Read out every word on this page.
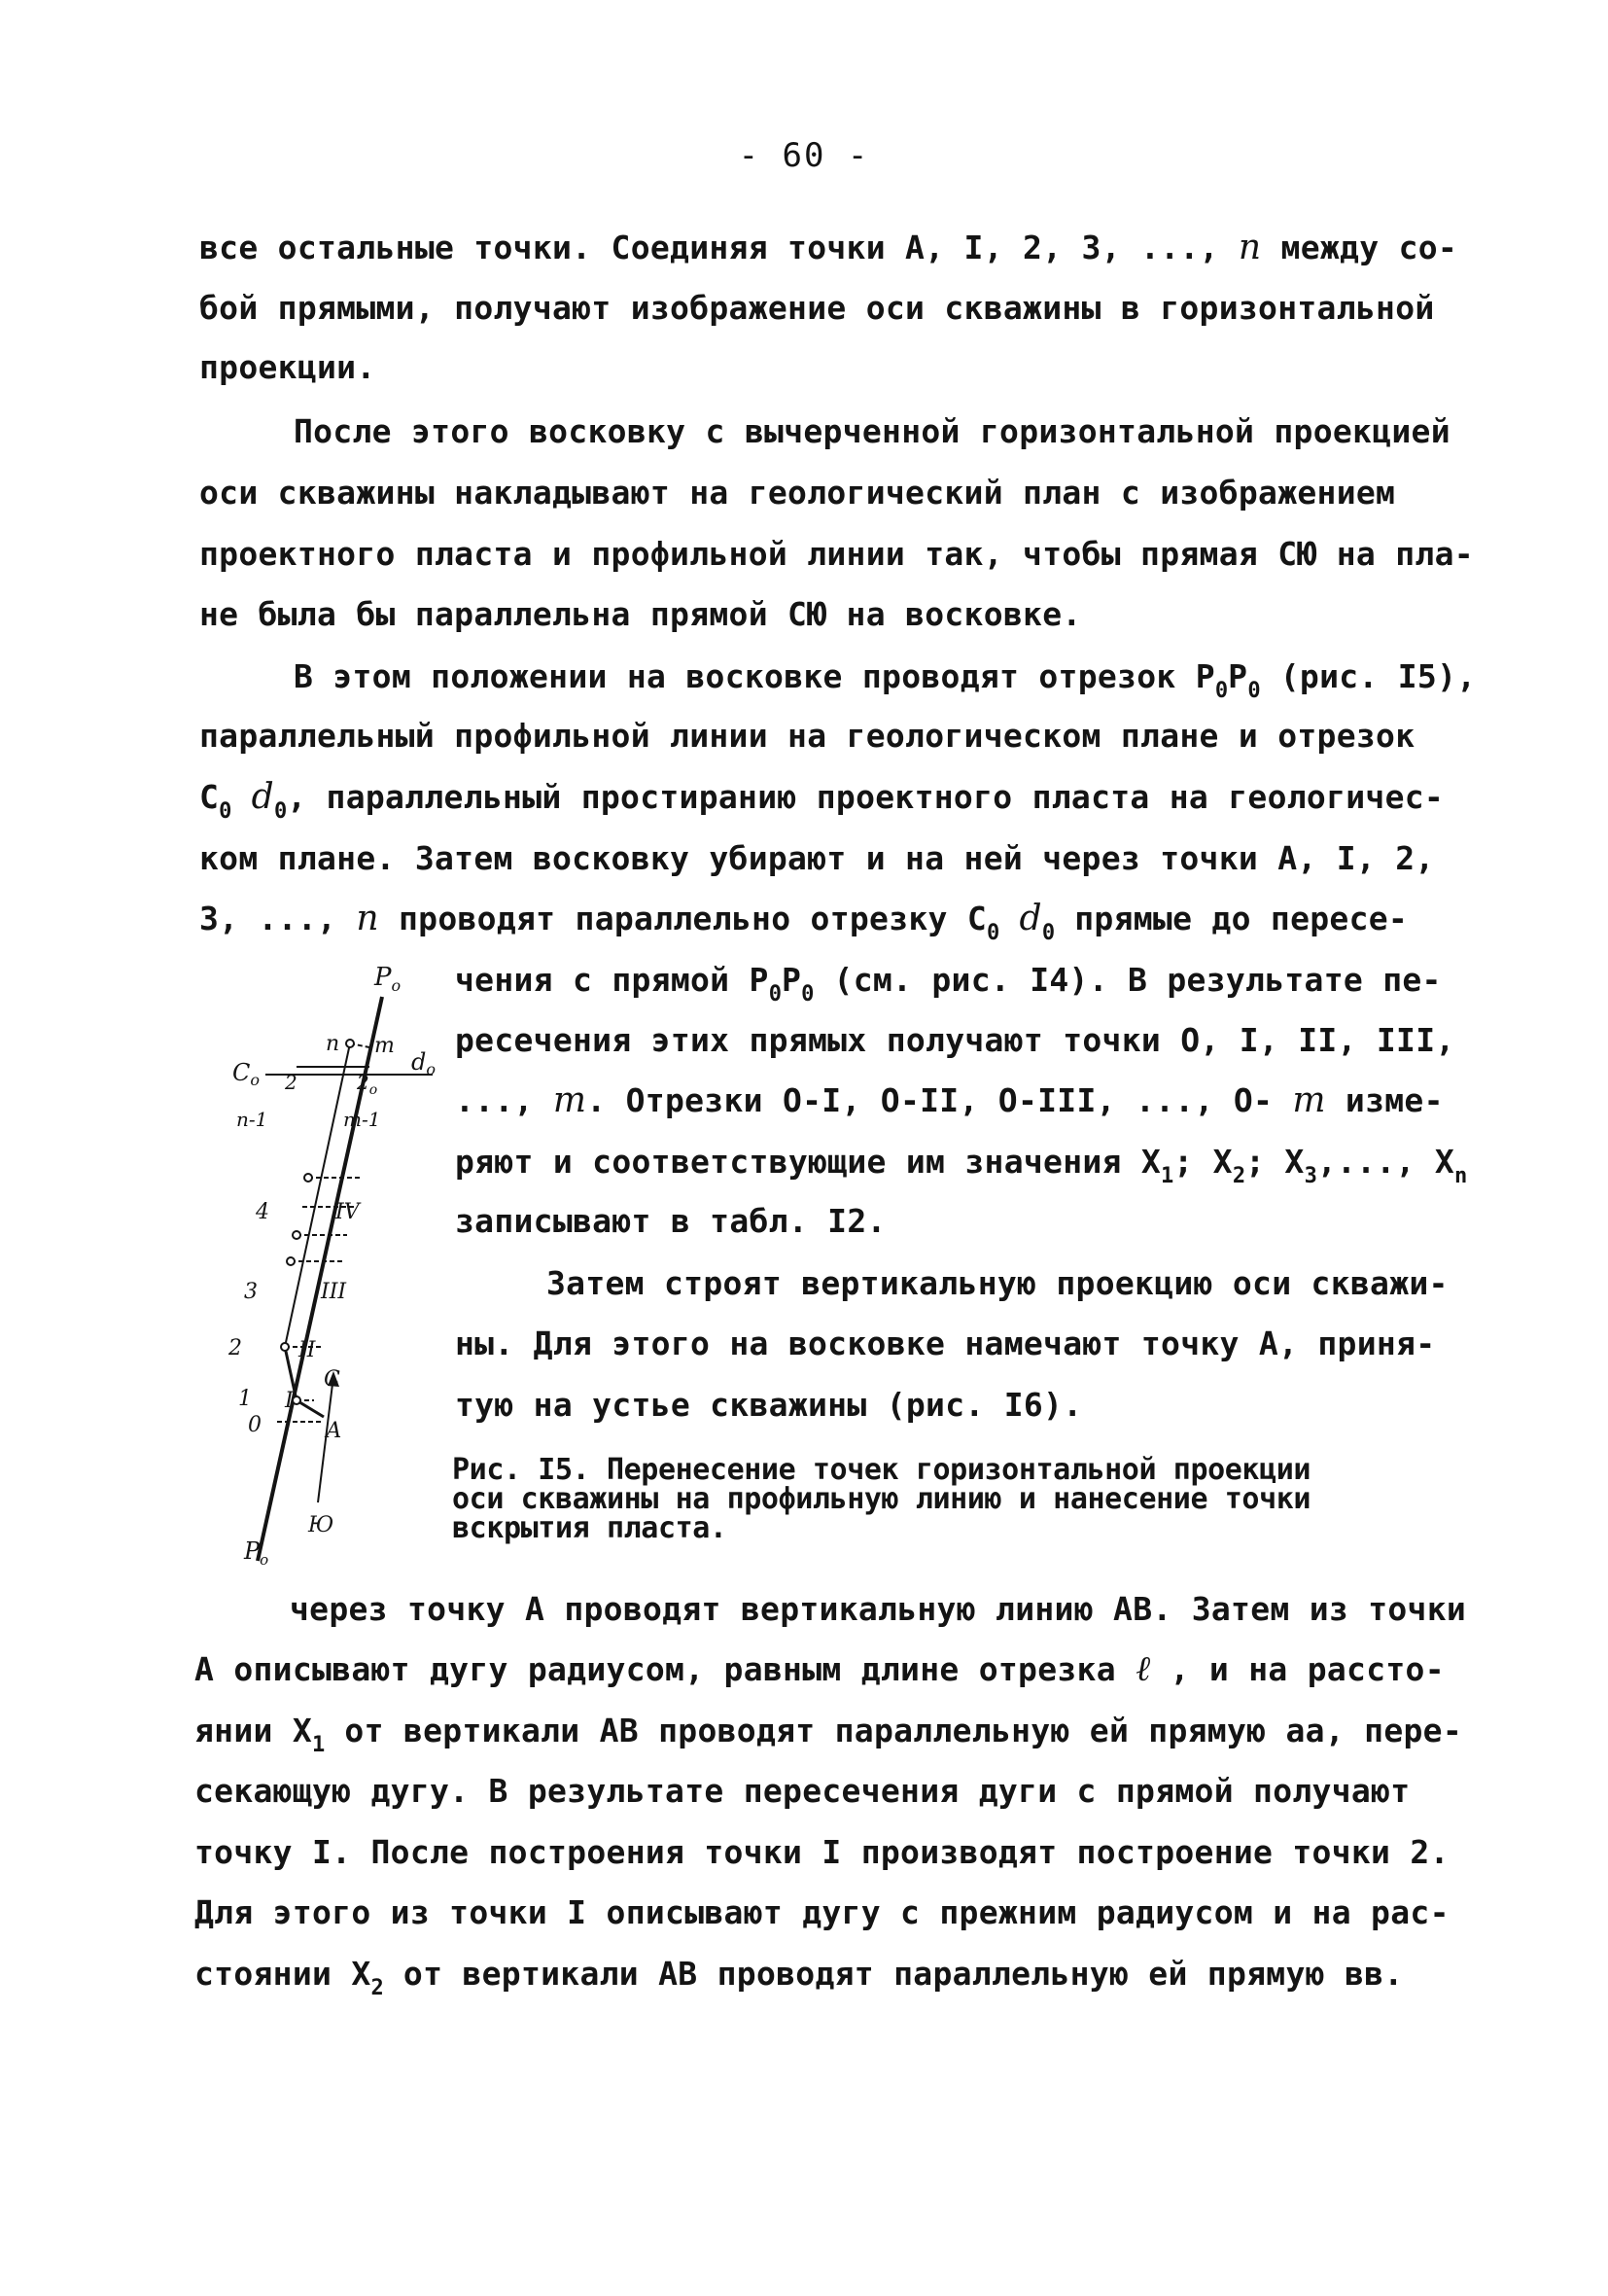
- 60 -
все остальные точки. Соединяя точки А, I, 2, 3, ..., n между со-
бой прямыми, получают изображение оси скважины в горизонтальной
проекции.
После этого восковку с вычерченной горизонтальной проекцией
оси скважины накладывают на геологический план с изображением
проектного пласта и профильной линии так, чтобы прямая СЮ на пла-
не была бы параллельна прямой СЮ на восковке.
В этом положении на восковке проводят отрезок $Р_0Р_0$ (рис. I5),
параллельный профильной линии на геологическом плане и отрезок
$С_0$ $d_0$, параллельный простиранию проектного пласта на геологичес-
ком плане. Затем восковку убирают и на ней через точки А, I, 2,
3, ..., n проводят параллельно отрезку $С_0$ $d_0$ прямые до пересе-
чения с прямой $Р_0Р_0$ (см. рис. I4). В результате пе-
ресечения этих прямых получают точки О, I, II, III,
..., m. Отрезки О-I, О-II, О-III, ..., О- m изме-
ряют и соответствующие им значения $X_1$; $X_2$; $X_3$,..., $X_n$
записывают в табл. I2.
Затем строят вертикальную проекцию оси скважи-
ны. Для этого на восковке намечают точку А, приня-
тую на устье скважины (рис. I6).
Рис. I5. Перенесение точек горизонтальной проекции
оси скважины на профильную линию и нанесение точки
вскрытия пласта.
через точку А проводят вертикальную линию АВ. Затем из точки
А описывают дугу радиусом, равным длине отрезка ℓ , и на рассто-
янии $X_1$ от вертикали АВ проводят параллельную ей прямую аа, пере-
секающую дугу. В результате пересечения дуги с прямой получают
точку I. После построения точки I производят построение точки 2.
Для этого из точки I описывают дугу с прежним радиусом и на рас-
стоянии $X_2$ от вертикали АВ проводят параллельную ей прямую вв.
$P_o$
n m
$C_o$ 2	$2_o$
$d_o$
n-1	m-1
4	IV
3	III
2	II
С
1 I
0	А
Ю
$P_o$
